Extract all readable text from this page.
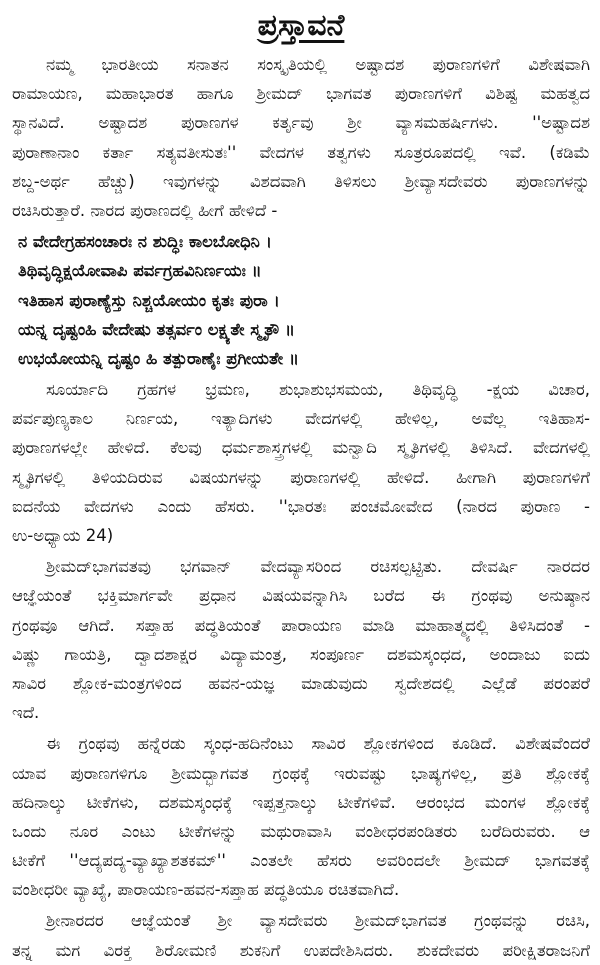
ಪ್ರಸ್ತಾವನೆ
ನಮ್ಮ ಭಾರತೀಯ ಸನಾತನ ಸಂಸ್ಕೃತಿಯಲ್ಲಿ ಅಷ್ಟಾದಶ ಪುರಾಣಗಳಿಗೆ ವಿಶೇಷವಾಗಿ
ರಾಮಾಯಣ, ಮಹಾಭಾರತ ಹಾಗೂ ಶ್ರೀಮದ್ ಭಾಗವತ ಪುರಾಣಗಳಿಗೆ ವಿಶಿಷ್ಟ ಮಹತ್ವದ
ಸ್ಥಾನವಿದೆ. ಅಷ್ಟಾದಶ ಪುರಾಣಗಳ ಕರ್ತೃವು ಶ್ರೀ ವ್ಯಾಸಮಹರ್ಷಿಗಳು. ''ಅಷ್ಟಾದಶ
ಪುರಾಣಾನಾಂ ಕರ್ತಾ ಸತ್ಯವತೀಸುತಃ'' ವೇದಗಳ ತತ್ವಗಳು ಸೂತ್ರರೂಪದಲ್ಲಿ ಇವೆ. (ಕಡಿಮೆ
ಶಬ್ದ-ಅರ್ಥ ಹೆಚ್ಚು) ಇವುಗಳನ್ನು ವಿಶದವಾಗಿ ತಿಳಿಸಲು ಶ್ರೀವ್ಯಾಸದೇವರು ಪುರಾಣಗಳನ್ನು
ರಚಿಸಿರುತ್ತಾರೆ. ನಾರದ ಪುರಾಣದಲ್ಲಿ ಹೀಗೆ ಹೇಳಿದೆ -
ನ ವೇದೇಗ್ರಹಸಂಚಾರಃ ನ ಶುದ್ಧಿಃ ಕಾಲಬೋಧಿನಿ ।
ತಿಥಿವೃದ್ಧಿಕ್ಷಯೋವಾಪಿ ಪರ್ವಗ್ರಹವಿನಿರ್ಣಯಃ ॥
ಇತಿಹಾಸ ಪುರಾಣ್ಯೆಸ್ತು ನಿಶ್ಚಯೋಯಂ ಕೃತಃ ಪುರಾ ।
ಯನ್ನ ದೃಷ್ಟಂಹಿ ವೇದೇಷು ತತ್ಸರ್ವಂ ಲಕ್ಷ್ಯತೇ ಸ್ಮೃತೌ ॥
ಉಭಯೋಯನ್ನಿ ದೃಷ್ಟಂ ಹಿ ತತ್ಪುರಾಣೈಃ ಪ್ರಗೀಯತೇ ॥
ಸೂರ್ಯಾದಿ ಗ್ರಹಗಳ ಭ್ರಮಣ, ಶುಭಾಶುಭಸಮಯ, ತಿಥಿವೃದ್ಧಿ -ಕ್ಷಯ ವಿಚಾರ,
ಪರ್ವಪುಣ್ಯಕಾಲ ನಿರ್ಣಯ, ಇತ್ಯಾದಿಗಳು ವೇದಗಳಲ್ಲಿ ಹೇಳಿಲ್ಲ, ಅವೆಲ್ಲ ಇತಿಹಾಸ-
ಪುರಾಣಗಳಲ್ಲೇ ಹೇಳಿದೆ. ಕೆಲವು ಧರ್ಮಶಾಸ್ತ್ರಗಳಲ್ಲಿ ಮನ್ವಾದಿ ಸ್ಮೃತಿಗಳಲ್ಲಿ ತಿಳಿಸಿದೆ. ವೇದಗಳಲ್ಲಿ
ಸ್ಮೃತಿಗಳಲ್ಲಿ ತಿಳಿಯದಿರುವ ವಿಷಯಗಳನ್ನು ಪುರಾಣಗಳಲ್ಲಿ ಹೇಳಿದೆ. ಹೀಗಾಗಿ ಪುರಾಣಗಳಿಗೆ
ಐದನೆಯ ವೇದಗಳು ಎಂದು ಹೆಸರು. ''ಭಾರತಃ ಪಂಚಮೋವೇದ (ನಾರದ ಪುರಾಣ -
ಉ-ಅಧ್ಯಾಯ 24)
ಶ್ರೀಮದ್‌ಭಾಗವತವು ಭಗವಾನ್ ವೇದವ್ಯಾಸರಿಂದ ರಚಿಸಲ್ಪಟ್ಟಿತು. ದೇವರ್ಷಿ ನಾರದರ
ಆಜ್ಞೆಯಂತೆ ಭಕ್ತಿಮಾರ್ಗವೇ ಪ್ರಧಾನ ವಿಷಯವನ್ನಾಗಿಸಿ ಬರೆದ ಈ ಗ್ರಂಥವು ಅನುಷ್ಠಾನ
ಗ್ರಂಥವೂ ಆಗಿದೆ. ಸಪ್ತಾಹ ಪದ್ಧತಿಯಂತೆ ಪಾರಾಯಣ ಮಾಡಿ ಮಾಹಾತ್ಮ್ಯದಲ್ಲಿ ತಿಳಿಸಿದಂತೆ -
ವಿಷ್ಣು ಗಾಯತ್ರಿ, ದ್ವಾದಶಾಕ್ಷರ ವಿದ್ಯಾಮಂತ್ರ, ಸಂಪೂರ್ಣ ದಶಮಸ್ಕಂಧದ, ಅಂದಾಜು ಐದು
ಸಾವಿರ ಶ್ಲೋಕ-ಮಂತ್ರಗಳಿಂದ ಹವನ-ಯಜ್ಞ ಮಾಡುವುದು ಸ್ವದೇಶದಲ್ಲಿ ಎಲ್ಲೆಡೆ ಪರಂಪರೆ
ಇದೆ.
ಈ ಗ್ರಂಥವು ಹನ್ನೆರಡು ಸ್ಕಂಧ-ಹದಿನೆಂಟು ಸಾವಿರ ಶ್ಲೋಕಗಳಿಂದ ಕೂಡಿದೆ. ವಿಶೇಷವೆಂದರೆ
ಯಾವ ಪುರಾಣಗಳಿಗೂ ಶ್ರೀಮದ್ಭಾಗವತ ಗ್ರಂಥಕ್ಕೆ ಇರುವಷ್ಟು ಭಾಷ್ಯಗಳಿಲ್ಲ, ಪ್ರತಿ ಶ್ಲೋಕಕ್ಕೆ
ಹದಿನಾಲ್ಕು ಟೀಕೆಗಳು, ದಶಮಸ್ಕಂಧಕ್ಕೆ ಇಪ್ಪತ್ತನಾಲ್ಕು ಟೀಕೆಗಳಿವೆ. ಆರಂಭದ ಮಂಗಳ ಶ್ಲೋಕಕ್ಕೆ
ಒಂದು ನೂರ ಎಂಟು ಟೀಕೆಗಳನ್ನು ಮಥುರಾವಾಸಿ ವಂಶೀಧರಪಂಡಿತರು ಬರೆದಿರುವರು. ಆ
ಟೀಕೆಗೆ ''ಆದ್ಯಪದ್ಯ-ವ್ಯಾಖ್ಯಾಶತಕಮ್'' ಎಂತಲೇ ಹೆಸರು ಅವರಿಂದಲೇ ಶ್ರೀಮದ್ ಭಾಗವತಕ್ಕೆ
ವಂಶೀಧರೀ ವ್ಯಾಖ್ಯೆ, ಪಾರಾಯಣ-ಹವನ-ಸಪ್ತಾಹ ಪದ್ಧತಿಯೂ ರಚಿತವಾಗಿದೆ.
ಶ್ರೀನಾರದರ ಆಜ್ಞೆಯಂತೆ ಶ್ರೀ ವ್ಯಾಸದೇವರು ಶ್ರೀಮದ್‌ಭಾಗವತ ಗ್ರಂಥವನ್ನು ರಚಿಸಿ,
ತನ್ನ ಮಗ ವಿರಕ್ತ ಶಿರೋಮಣಿ ಶುಕನಿಗೆ ಉಪದೇಶಿಸಿದರು. ಶುಕದೇವರು ಪರೀಕ್ಷಿತರಾಜನಿಗೆ
